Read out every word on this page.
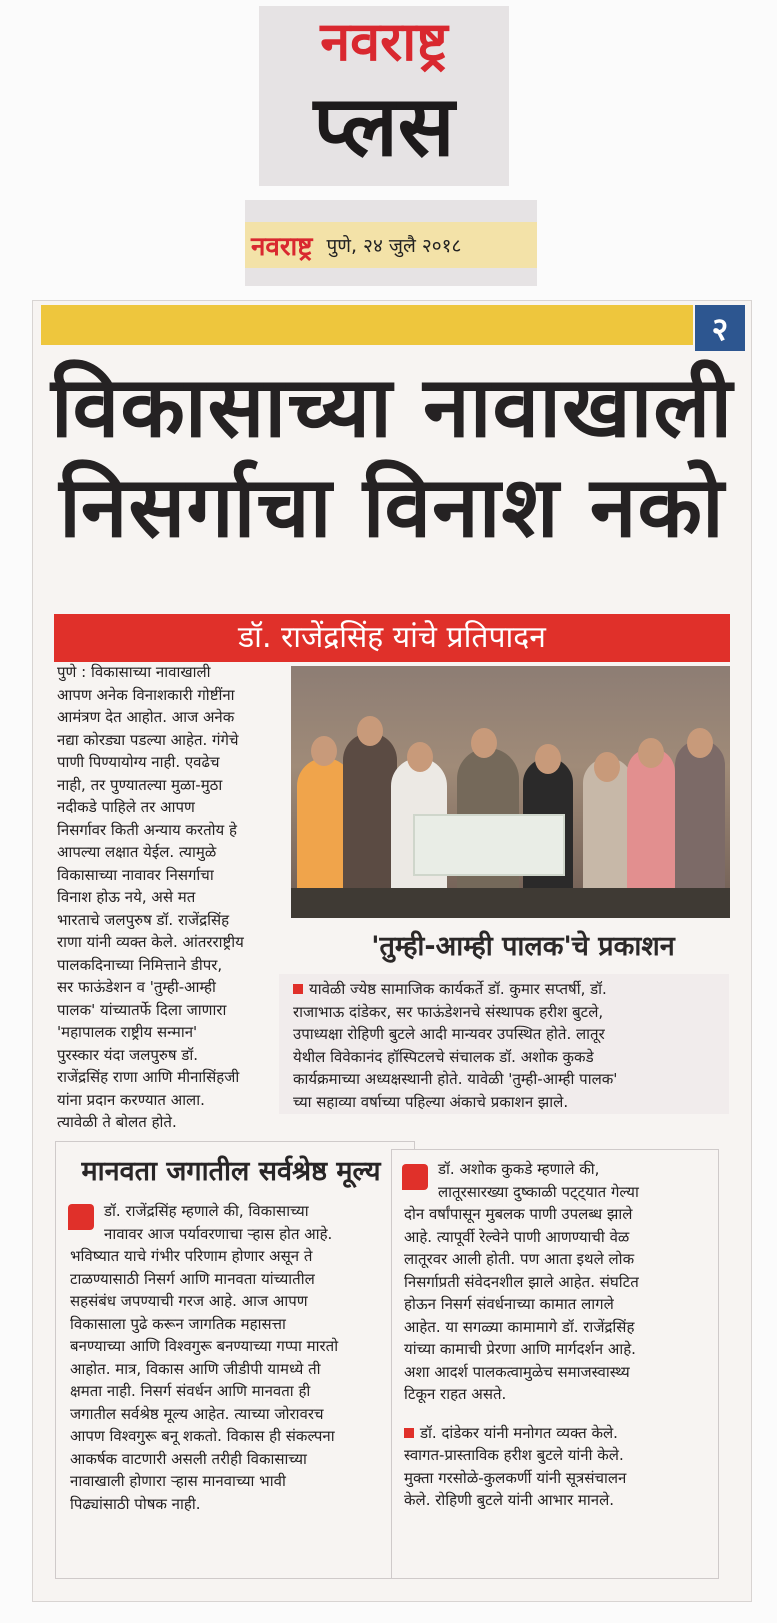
नवराष्ट्र
प्लस
नवराष्ट्र पुणे, २४ जुलै २०१८
२
विकासाच्या नावाखाली
निसर्गाचा विनाश नको
डॉ. राजेंद्रसिंह यांचे प्रतिपादन
पुणे : विकासाच्या नावाखाली
आपण अनेक विनाशकारी गोष्टींना
आमंत्रण देत आहोत. आज अनेक
नद्या कोरड्या पडल्या आहेत. गंगेचे
पाणी पिण्यायोग्य नाही. एवढेच
नाही, तर पुण्यातल्या मुळा-मुठा
नदीकडे पाहिले तर आपण
निसर्गावर किती अन्याय करतोय हे
आपल्या लक्षात येईल. त्यामुळे
विकासाच्या नावावर निसर्गाचा
विनाश होऊ नये, असे मत
भारताचे जलपुरुष डॉ. राजेंद्रसिंह
राणा यांनी व्यक्त केले. आंतरराष्ट्रीय
पालकदिनाच्या निमित्ताने डीपर,
सर फाऊंडेशन व 'तुम्ही-आम्ही
पालक' यांच्यातर्फे दिला जाणारा
'महापालक राष्ट्रीय सन्मान'
पुरस्कार यंदा जलपुरुष डॉ.
राजेंद्रसिंह राणा आणि मीनासिंहजी
यांना प्रदान करण्यात आला.
त्यावेळी ते बोलत होते.
'तुम्ही-आम्ही पालक'चे प्रकाशन
यावेळी ज्येष्ठ सामाजिक कार्यकर्ते डॉ. कुमार सप्तर्षी, डॉ.
राजाभाऊ दांडेकर, सर फाऊंडेशनचे संस्थापक हरीश बुटले,
उपाध्यक्षा रोहिणी बुटले आदी मान्यवर उपस्थित होते. लातूर
येथील विवेकानंद हॉस्पिटलचे संचालक डॉ. अशोक कुकडे
कार्यक्रमाच्या अध्यक्षस्थानी होते. यावेळी 'तुम्ही-आम्ही पालक'
च्या सहाव्या वर्षाच्या पहिल्या अंकाचे प्रकाशन झाले.
मानवता जगातील सर्वश्रेष्ठ मूल्य
डॉ. राजेंद्रसिंह म्हणाले की, विकासाच्या
नावावर आज पर्यावरणाचा ऱ्हास होत आहे.
भविष्यात याचे गंभीर परिणाम होणार असून ते
टाळण्यासाठी निसर्ग आणि मानवता यांच्यातील
सहसंबंध जपण्याची गरज आहे. आज आपण
विकासाला पुढे करून जागतिक महासत्ता
बनण्याच्या आणि विश्वगुरू बनण्याच्या गप्पा मारतो
आहोत. मात्र, विकास आणि जीडीपी यामध्ये ती
क्षमता नाही. निसर्ग संवर्धन आणि मानवता ही
जगातील सर्वश्रेष्ठ मूल्य आहेत. त्याच्या जोरावरच
आपण विश्वगुरू बनू शकतो. विकास ही संकल्पना
आकर्षक वाटणारी असली तरीही विकासाच्या
नावाखाली होणारा ऱ्हास मानवाच्या भावी
पिढ्यांसाठी पोषक नाही.
डॉ. अशोक कुकडे म्हणाले की,
लातूरसारख्या दुष्काळी पट्ट्यात गेल्या
दोन वर्षांपासून मुबलक पाणी उपलब्ध झाले
आहे. त्यापूर्वी रेल्वेने पाणी आणण्याची वेळ
लातूरवर आली होती. पण आता इथले लोक
निसर्गाप्रती संवेदनशील झाले आहेत. संघटित
होऊन निसर्ग संवर्धनाच्या कामात लागले
आहेत. या सगळ्या कामामागे डॉ. राजेंद्रसिंह
यांच्या कामाची प्रेरणा आणि मार्गदर्शन आहे.
अशा आदर्श पालकत्वामुळेच समाजस्वास्थ्य
टिकून राहत असते.
डॉ. दांडेकर यांनी मनोगत व्यक्त केले.
स्वागत-प्रास्ताविक हरीश बुटले यांनी केले.
मुक्ता गरसोळे-कुलकर्णी यांनी सूत्रसंचालन
केले. रोहिणी बुटले यांनी आभार मानले.
